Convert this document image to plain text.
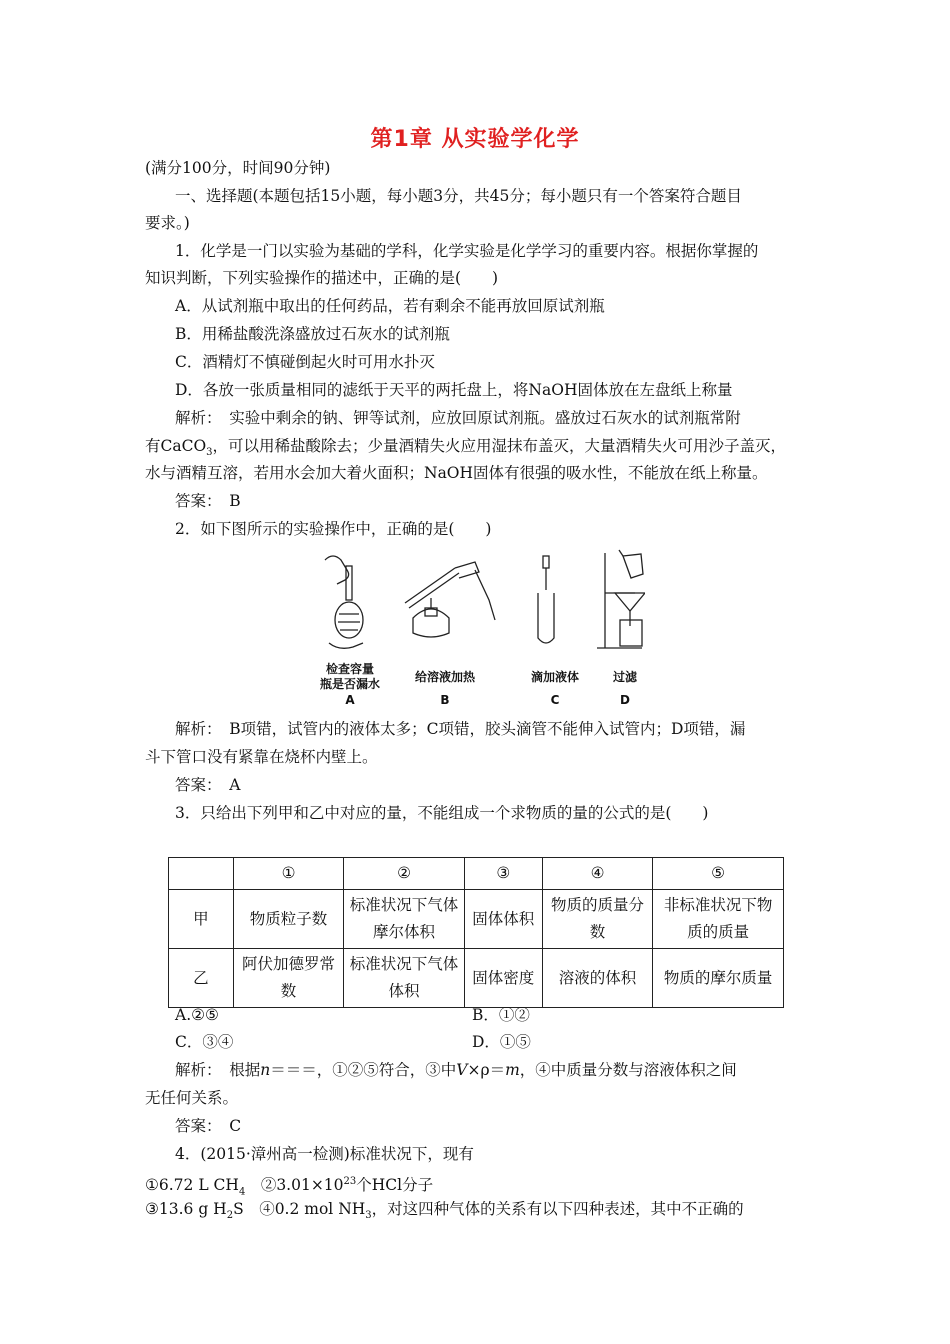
第1章 从实验学化学
(满分100分，时间90分钟)
一、选择题(本题包括15小题，每小题3分，共45分；每小题只有一个答案符合题目
要求。)
1．化学是一门以实验为基础的学科，化学实验是化学学习的重要内容。根据你掌握的
知识判断，下列实验操作的描述中，正确的是(　　)
A．从试剂瓶中取出的任何药品，若有剩余不能再放回原试剂瓶
B．用稀盐酸洗涤盛放过石灰水的试剂瓶
C．酒精灯不慎碰倒起火时可用水扑灭
D．各放一张质量相同的滤纸于天平的两托盘上，将NaOH固体放在左盘纸上称量
解析：　实验中剩余的钠、钾等试剂，应放回原试剂瓶。盛放过石灰水的试剂瓶常附
有CaCO$_3$，可以用稀盐酸除去；少量酒精失火应用湿抹布盖灭，大量酒精失火可用沙子盖灭，
水与酒精互溶，若用水会加大着火面积；NaOH固体有很强的吸水性，不能放在纸上称量。
答案：　B
2．如下图所示的实验操作中，正确的是(　　)
检查容量
瓶是否漏水
A
给溶液加热
B
滴加液体
C
过滤
D
解析：　B项错，试管内的液体太多；C项错，胶头滴管不能伸入试管内；D项错，漏
斗下管口没有紧靠在烧杯内壁上。
答案：　A
3．只给出下列甲和乙中对应的量，不能组成一个求物质的量的公式的是(　　)
	①	②	③	④	⑤
甲	物质粒子数	标准状况下气体摩尔体积	固体体积	物质的质量分数	非标准状况下物质的质量
乙	阿伏加德罗常数	标准状况下气体体积	固体密度	溶液的体积	物质的摩尔质量
A.②⑤	B．①②
C．③④	D．①⑤
解析：　根据n＝＝＝，①②⑤符合，③中V×ρ＝m，④中质量分数与溶液体积之间
无任何关系。
答案：　C
4．(2015·漳州高一检测)标准状况下，现有
①6.72 L $CH_4$　$②3.01\times 10^{23}$个HCl分子
③13.6 g $H_2S$　④0.2 mol $NH_3$，对这四种气体的关系有以下四种表述，其中不正确的
